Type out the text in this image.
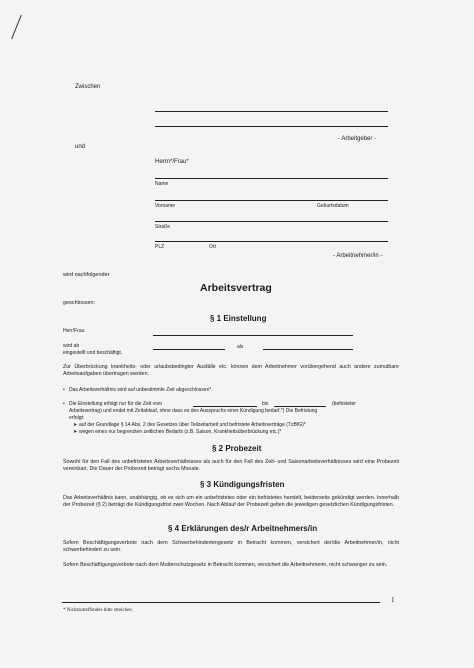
Zwischen
- Arbeitgeber -
und
Herrn*/Frau*
Name
Vorname	Geburtsdatum
Straße
PLZ	Ort
- Arbeitnehmer/in -
wird nachfolgender
Arbeitsvertrag
geschlossen:
§ 1 Einstellung
Herr/Frau
wird ab	als
eingestellt und beschäftigt.
Zur Überbrückung krankheits- oder urlaubsbedingter Ausfälle etc. können dem Arbeitnehmer vorübergehend auch andere zumutbare Arbeitsaufgaben übertragen werden.
• Das Arbeitsverhältnis wird auf unbestimmte Zeit abgeschlossen*.
• Die Einstellung erfolgt nur für die Zeit vom	bis	(befristeter
Arbeitsvertrag) und endet mit Zeitablauf, ohne dass es des Ausspruchs einer Kündigung bedarf.*) Die Befristung
erfolgt:
➤ auf der Grundlage § 14 Abs. 2 des Gesetzes über Teilzeitarbeit und befristete Arbeitsverträge (TzBfG)*
➤ wegen eines nur begrenzten zeitlichen Bedarfs (z.B. Saison, Krankheitsüberbrückung etc.)*
§ 2 Probezeit
Sowohl für den Fall des unbefristeten Arbeitsverhältnisses als auch für den Fall des Zeit- und Saisonarbeitsverhältnisses wird eine Probezeit vereinbart. Die Dauer der Probezeit beträgt sechs Monate.
§ 3 Kündigungsfristen
Das Arbeitsverhältnis kann, unabhängig, ob es sich um ein unbefristetes oder ein befristetes handelt, beiderseits gekündigt werden. Innerhalb der Probezeit (§ 2) beträgt die Kündigungsfrist zwei Wochen. Nach Ablauf der Probezeit gelten die jeweiligen gesetzlichen Kündigungsfristen.
§ 4 Erklärungen des/r Arbeitnehmers/in
Sofern Beschäftigungsverbote nach dem Schwerbehindertengesetz in Betracht kommen, versichert der/die Arbeitnehmer/in, nicht schwerbehindert zu sein.
Sofern Beschäftigungsverbote nach dem Mutterschutzgesetz in Betracht kommen, versichert die Arbeitnehmerin, nicht schwanger zu sein.
1
* Nichtzutreffendes bitte streichen
